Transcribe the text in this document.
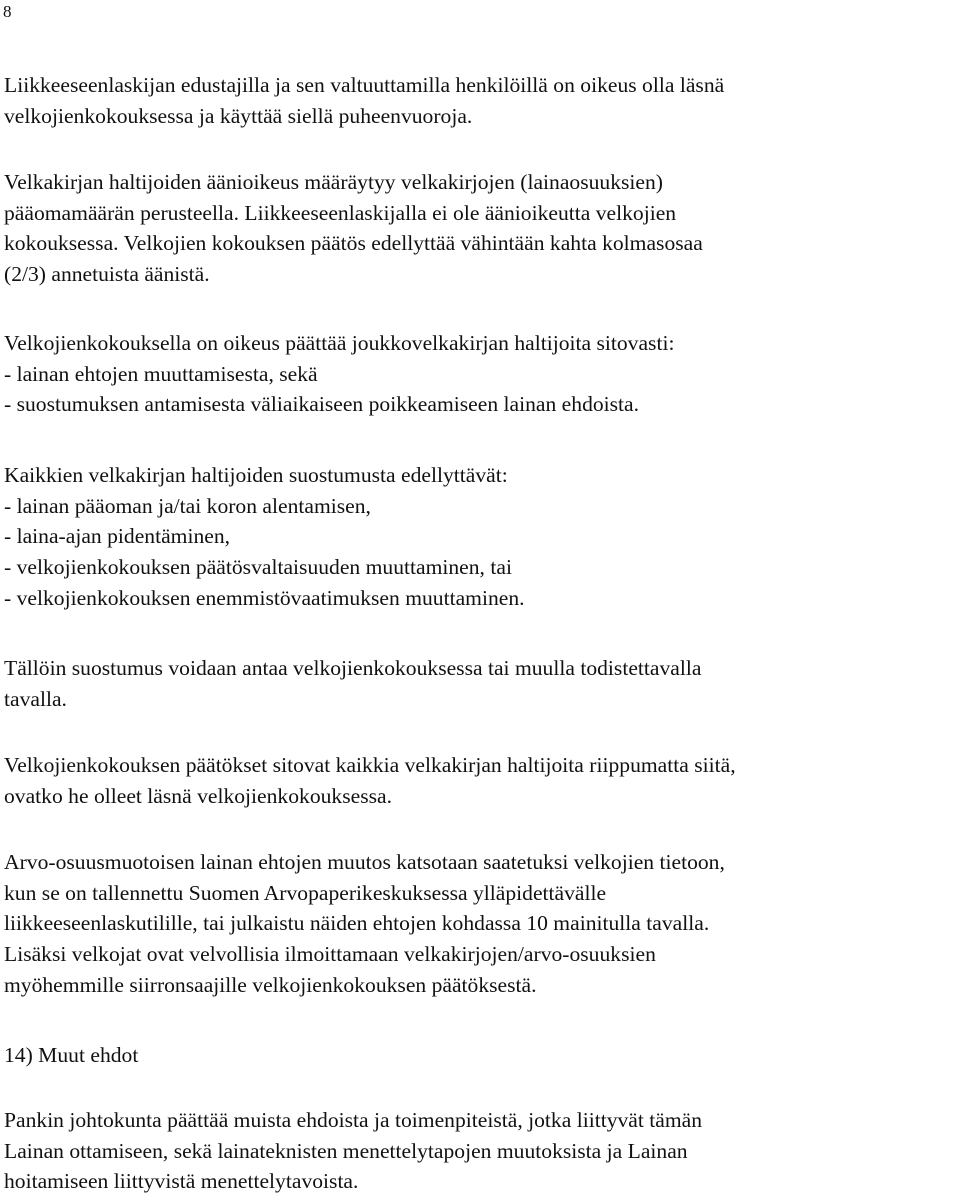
8

Liikkeeseenlaskijan edustajilla ja sen valtuuttamilla henkilöillä on oikeus olla läsnä
velkojienkokouksessa ja käyttää siellä puheenvuoroja.

Velkakirjan haltijoiden äänioikeus määräytyy velkakirjojen (lainaosuuksien)
pääomamäärän perusteella. Liikkeeseenlaskijalla ei ole äänioikeutta velkojien
kokouksessa. Velkojien kokouksen päätös edellyttää vähintään kahta kolmasosaa
(2/3) annetuista äänistä.

Velkojienkokouksella on oikeus päättää joukkovelkakirjan haltijoita sitovasti:
- lainan ehtojen muuttamisesta, sekä
- suostumuksen antamisesta väliaikaiseen poikkeamiseen lainan ehdoista.

Kaikkien velkakirjan haltijoiden suostumusta edellyttävät:
- lainan pääoman ja/tai koron alentamisen,
- laina-ajan pidentäminen,
- velkojienkokouksen päätösvaltaisuuden muuttaminen, tai
- velkojienkokouksen enemmistövaatimuksen muuttaminen.

Tällöin suostumus voidaan antaa velkojienkokouksessa tai muulla todistettavalla
tavalla.

Velkojienkokouksen päätökset sitovat kaikkia velkakirjan haltijoita riippumatta siitä,
ovatko he olleet läsnä velkojienkokouksessa.

Arvo-osuusmuotoisen lainan ehtojen muutos katsotaan saatetuksi velkojien tietoon,
kun se on tallennettu Suomen Arvopaperikeskuksessa ylläpidettävälle
liikkeeseenlaskutilille, tai julkaistu näiden ehtojen kohdassa 10 mainitulla tavalla.
Lisäksi velkojat ovat velvollisia ilmoittamaan velkakirjojen/arvo-osuuksien
myöhemmille siirronsaajille velkojienkokouksen päätöksestä.

14) Muut ehdot

Pankin johtokunta päättää muista ehdoista ja toimenpiteistä, jotka liittyvät tämän
Lainan ottamiseen, sekä lainateknisten menettelytapojen muutoksista ja Lainan
hoitamiseen liittyvistä menettelytavoista.
